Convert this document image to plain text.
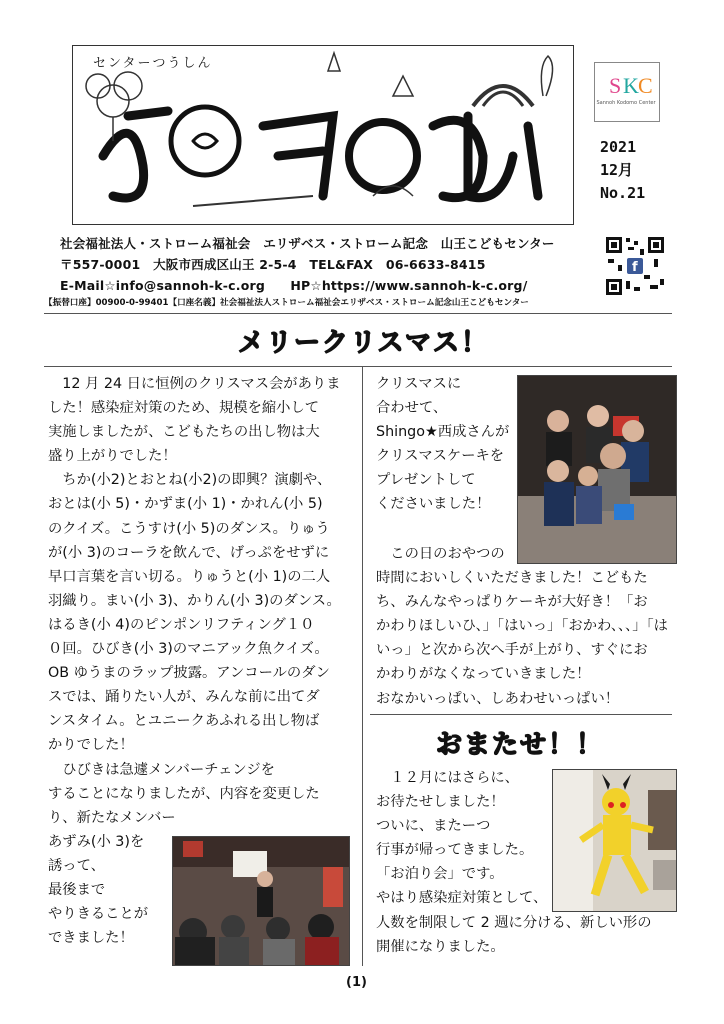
センターつうしん
S K C
Sannoh Kodomo Center
2021
12月
No.21
社会福祉法人・ストローム福祉会　エリザベス・ストローム記念　山王こどもセンター
〒557-0001　大阪市西成区山王 2-5-4　TEL&FAX　06-6633-8415
E-Mail☆info@sannoh-k-c.org　　HP☆https://www.sannoh-k-c.org/
f
【振替口座】00900-0-99401【口座名義】社会福祉法人ストローム福祉会エリザベス・ストローム記念山王こどもセンター
メリークリスマス！
　12 月 24 日に恒例のクリスマス会がありま
した！感染症対策のため、規模を縮小して
実施しましたが、こどもたちの出し物は大
盛り上がりでした！
　ちか(小2)とおとね(小2)の即興？演劇や、
おとは(小 5)・かずま(小 1)・かれん(小 5)
のクイズ。こうすけ(小 5)のダンス。りゅう
が(小 3)のコーラを飲んで、げっぷをせずに
早口言葉を言い切る。りゅうと(小 1)の二人
羽織り。まい(小 3)、かりん(小 3)のダンス。
はるき(小 4)のピンポンリフティング１０
０回。ひびき(小 3)のマニアック魚クイズ。
OB ゆうまのラップ披露。アンコールのダン
スでは、踊りたい人が、みんな前に出てダ
ンスタイム。とユニークあふれる出し物ば
かりでした！
　ひびきは急遽メンバーチェンジを
することになりましたが、内容を変更した
り、新たなメンバー
あずみ(小 3)を
誘って、
最後まで
やりきることが
できました！
クリスマスに
合わせて、
Shingo★西成さんが
クリスマスケーキを
プレゼントして
くださいました！
　この日のおやつの
時間においしくいただきました！こどもた
ち、みんなやっぱりケーキが大好き！「お
かわりほしいひ、」「はいっ」「おかわ、、、」「は
いっ」と次から次へ手が上がり、すぐにお
かわりがなくなっていきました！
おなかいっぱい、しあわせいっぱい！
おまたせ！！
　１２月にはさらに、
お待たせしました！
ついに、またーつ
行事が帰ってきました。
「お泊り会」です。
やはり感染症対策として、
人数を制限して 2 週に分ける、新しい形の
開催になりました。
(1)
